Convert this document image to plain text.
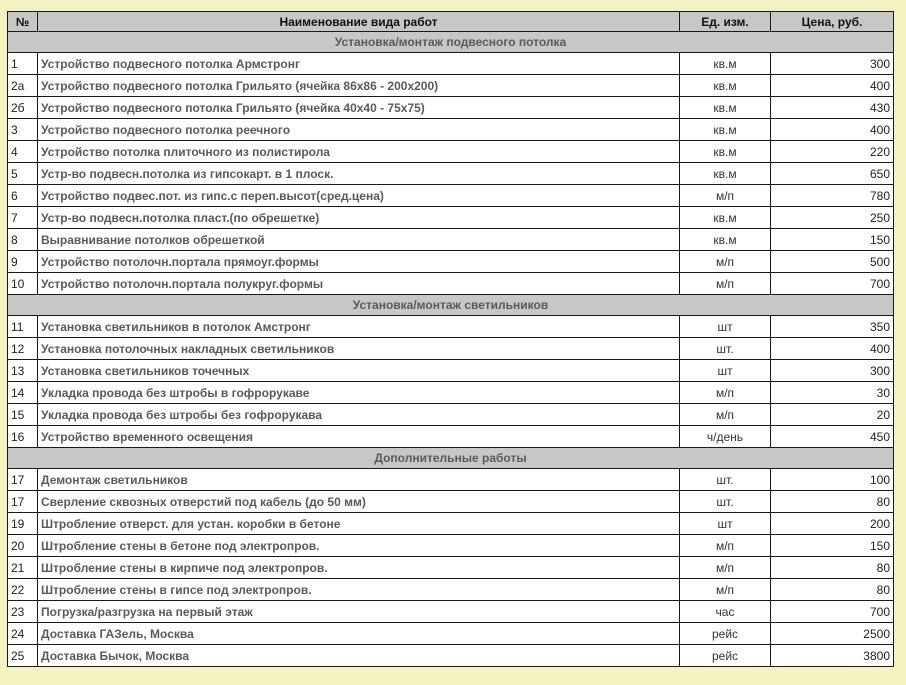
№	Наименование вида работ	Ед. изм.	Цена, руб.
Установка/монтаж подвесного потолка			
1	Устройство подвесного потолка Армстронг	кв.м	300
2а	Устройство подвесного потолка Грильято (ячейка 86х86 - 200х200)	кв.м	400
2б	Устройство подвесного потолка Грильято (ячейка 40х40 - 75х75)	кв.м	430
3	Устройство подвесного потолка реечного	кв.м	400
4	Устройство потолка плиточного из полистирола	кв.м	220
5	Устр-во подвесн.потолка из гипсокарт. в 1 плоск.	кв.м	650
6	Устройство подвес.пот. из гипс.с переп.высот(сред.цена)	м/п	780
7	Устр-во подвесн.потолка пласт.(по обрешетке)	кв.м	250
8	Выравнивание потолков обрешеткой	кв.м	150
9	Устройство потолочн.портала прямоуг.формы	м/п	500
10	Устройство потолочн.портала полукруг.формы	м/п	700
Установка/монтаж светильников			
11	Установка светильников в потолок Амстронг	шт	350
12	Установка потолочных накладных светильников	шт.	400
13	Установка светильников точечных	шт	300
14	Укладка провода без штробы в гофрорукаве	м/п	30
15	Укладка провода без штробы без гофрорукава	м/п	20
16	Устройство временного освещения	ч/день	450
Дополнительные работы			
17	Демонтаж светильников	шт.	100
17	Сверление сквозных отверстий под кабель (до 50 мм)	шт.	80
19	Штробление отверст. для устан. коробки в бетоне	шт	200
20	Штробление стены в бетоне под электропров.	м/п	150
21	Штробление стены в кирпиче под электропров.	м/п	80
22	Штробление стены в гипсе под электропров.	м/п	80
23	Погрузка/разгрузка на первый этаж	час	700
24	Доставка ГАЗель, Москва	рейс	2500
25	Доставка Бычок, Москва	рейс	3800
